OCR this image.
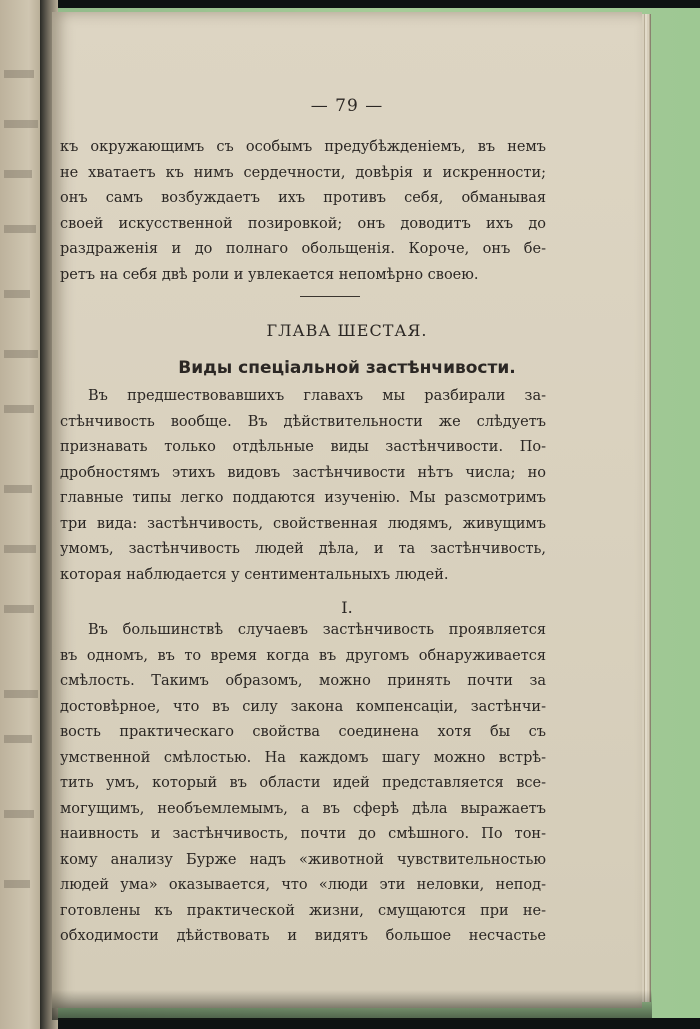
— 79 —
къ окружающимъ съ особымъ предубѣжденіемъ, въ немъ
не хватаетъ къ нимъ сердечности, довѣрія и искренности;
онъ самъ возбуждаетъ ихъ противъ себя, обманывая
своей искусственной позировкой; онъ доводитъ ихъ до
раздраженія и до полнаго обольщенія. Короче, онъ бе-
ретъ на себя двѣ роли и увлекается непомѣрно своею.
ГЛАВА ШЕСТАЯ.
Виды спеціальной застѣнчивости.
Въ предшествовавшихъ главахъ мы разбирали за-
стѣнчивость вообще. Въ дѣйствительности же слѣдуетъ
признавать только отдѣльные виды застѣнчивости. По-
дробностямъ этихъ видовъ застѣнчивости нѣтъ числа; но
главные типы легко поддаются изученію. Мы разсмотримъ
три вида: застѣнчивость, свойственная людямъ, живущимъ
умомъ, застѣнчивость людей дѣла, и та застѣнчивость,
которая наблюдается у сентиментальныхъ людей.
I.
Въ большинствѣ случаевъ застѣнчивость проявляется
въ одномъ, въ то время когда въ другомъ обнаруживается
смѣлость. Такимъ образомъ, можно принять почти за
достовѣрное, что въ силу закона компенсаціи, застѣнчи-
вость практическаго свойства соединена хотя бы съ
умственной смѣлостью. На каждомъ шагу можно встрѣ-
тить умъ, который въ области идей представляется все-
могущимъ, необъемлемымъ, а въ сферѣ дѣла выражаетъ
наивность и застѣнчивость, почти до смѣшного. По тон-
кому анализу Бурже надъ «животной чувствительностью
людей ума» оказывается, что «люди эти неловки, непод-
готовлены къ практической жизни, смущаются при не-
обходимости дѣйствовать и видятъ большое несчастье
